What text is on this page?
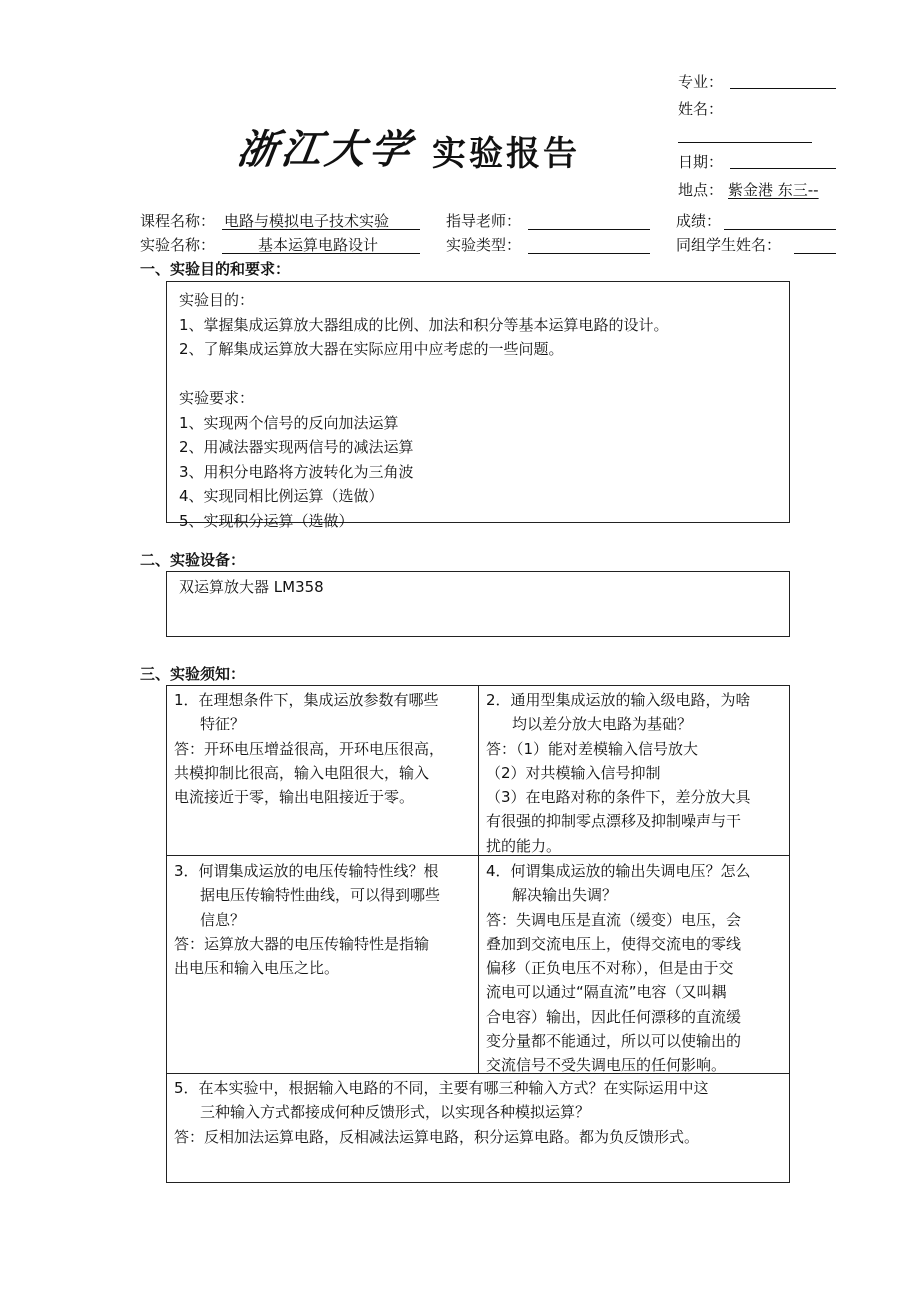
浙江大学 实验报告
专业：
姓名：
日期：
地点： 紫金港 东三--
课程名称： 电路与模拟电子技术实验	指导老师：	成绩：
实验名称：	基本运算电路设计	实验类型：	同组学生姓名：
一、实验目的和要求：
实验目的：
1、掌握集成运算放大器组成的比例、加法和积分等基本运算电路的设计。
2、了解集成运算放大器在实际应用中应考虑的一些问题。
实验要求：
1、实现两个信号的反向加法运算
2、用减法器实现两信号的减法运算
3、用积分电路将方波转化为三角波
4、实现同相比例运算（选做）
5、实现积分运算（选做）
二、实验设备：
双运算放大器 LM358
三、实验须知：
1．在理想条件下，集成运放参数有哪些
特征？
答：开环电压增益很高，开环电压很高，
共模抑制比很高，输入电阻很大，输入
电流接近于零，输出电阻接近于零。
2．通用型集成运放的输入级电路，为啥
均以差分放大电路为基础？
答：（1）能对差模输入信号放大
（2）对共模输入信号抑制
（3）在电路对称的条件下，差分放大具
有很强的抑制零点漂移及抑制噪声与干
扰的能力。
3．何谓集成运放的电压传输特性线？根
据电压传输特性曲线，可以得到哪些
信息？
答：运算放大器的电压传输特性是指输
出电压和输入电压之比。
4．何谓集成运放的输出失调电压？怎么
解决输出失调？
答：失调电压是直流（缓变）电压，会
叠加到交流电压上，使得交流电的零线
偏移（正负电压不对称），但是由于交
流电可以通过“隔直流”电容（又叫耦
合电容）输出，因此任何漂移的直流缓
变分量都不能通过，所以可以使输出的
交流信号不受失调电压的任何影响。
5．在本实验中，根据输入电路的不同，主要有哪三种输入方式？在实际运用中这
三种输入方式都接成何种反馈形式，以实现各种模拟运算？
答：反相加法运算电路，反相减法运算电路，积分运算电路。都为负反馈形式。
